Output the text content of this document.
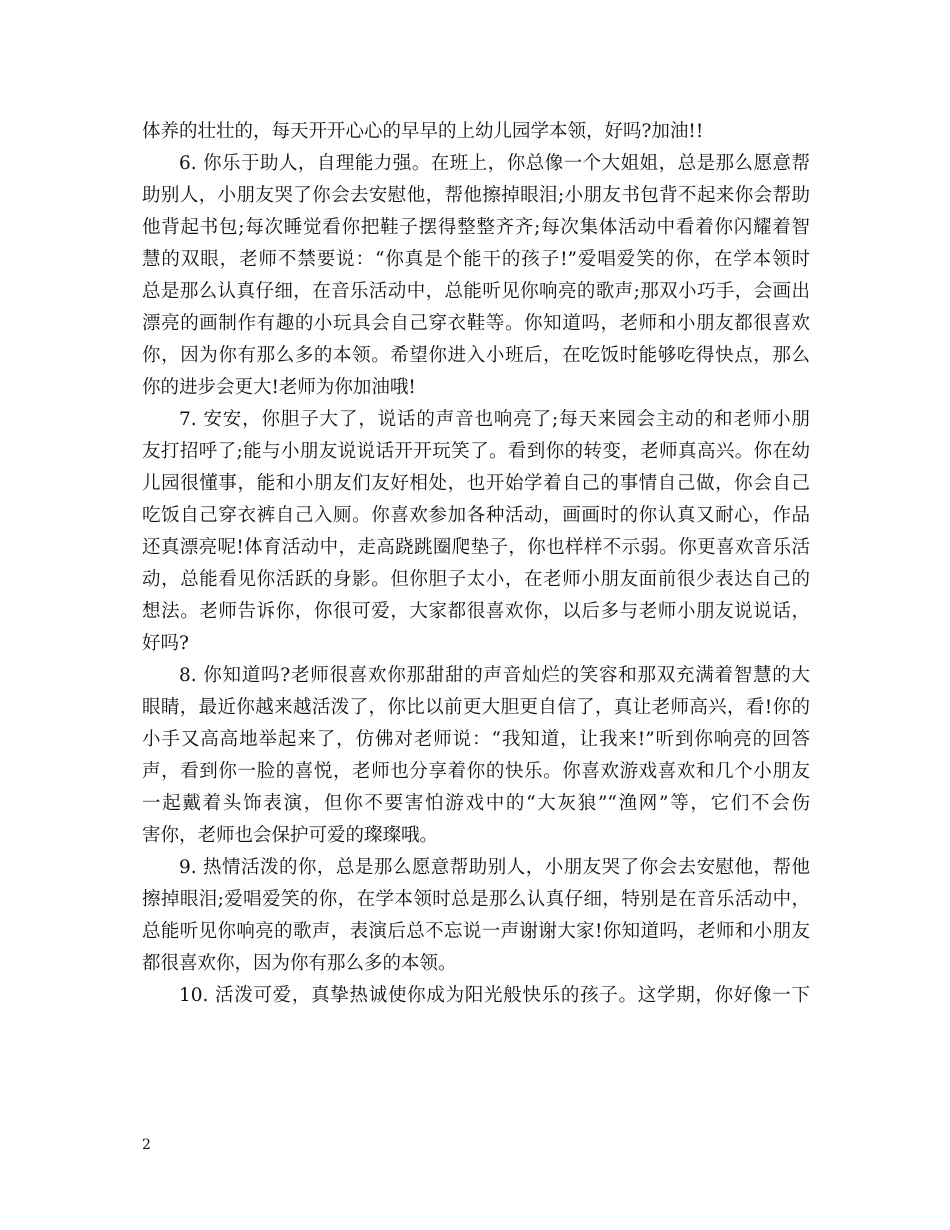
体养的壮壮的，每天开开心心的早早的上幼儿园学本领，好吗?加油!!
6. 你乐于助人，自理能力强。在班上，你总像一个大姐姐，总是那么愿意帮
助别人，小朋友哭了你会去安慰他，帮他擦掉眼泪;小朋友书包背不起来你会帮助
他背起书包;每次睡觉看你把鞋子摆得整整齐齐;每次集体活动中看着你闪耀着智
慧的双眼，老师不禁要说：“你真是个能干的孩子!”爱唱爱笑的你，在学本领时
总是那么认真仔细，在音乐活动中，总能听见你响亮的歌声;那双小巧手，会画出
漂亮的画制作有趣的小玩具会自己穿衣鞋等。你知道吗，老师和小朋友都很喜欢
你，因为你有那么多的本领。希望你进入小班后，在吃饭时能够吃得快点，那么
你的进步会更大!老师为你加油哦!
7. 安安，你胆子大了，说话的声音也响亮了;每天来园会主动的和老师小朋
友打招呼了;能与小朋友说说话开开玩笑了。看到你的转变，老师真高兴。你在幼
儿园很懂事，能和小朋友们友好相处，也开始学着自己的事情自己做，你会自己
吃饭自己穿衣裤自己入厕。你喜欢参加各种活动，画画时的你认真又耐心，作品
还真漂亮呢!体育活动中，走高跷跳圈爬垫子，你也样样不示弱。你更喜欢音乐活
动，总能看见你活跃的身影。但你胆子太小，在老师小朋友面前很少表达自己的
想法。老师告诉你，你很可爱，大家都很喜欢你，以后多与老师小朋友说说话，
好吗?
8. 你知道吗?老师很喜欢你那甜甜的声音灿烂的笑容和那双充满着智慧的大
眼睛，最近你越来越活泼了，你比以前更大胆更自信了，真让老师高兴，看!你的
小手又高高地举起来了，仿佛对老师说：“我知道，让我来!”听到你响亮的回答
声，看到你一脸的喜悦，老师也分享着你的快乐。你喜欢游戏喜欢和几个小朋友
一起戴着头饰表演，但你不要害怕游戏中的“大灰狼”“渔网”等，它们不会伤
害你，老师也会保护可爱的璨璨哦。
9. 热情活泼的你，总是那么愿意帮助别人，小朋友哭了你会去安慰他，帮他
擦掉眼泪;爱唱爱笑的你，在学本领时总是那么认真仔细，特别是在音乐活动中，
总能听见你响亮的歌声，表演后总不忘说一声谢谢大家!你知道吗，老师和小朋友
都很喜欢你，因为你有那么多的本领。
10. 活泼可爱，真挚热诚使你成为阳光般快乐的孩子。这学期，你好像一下
2
